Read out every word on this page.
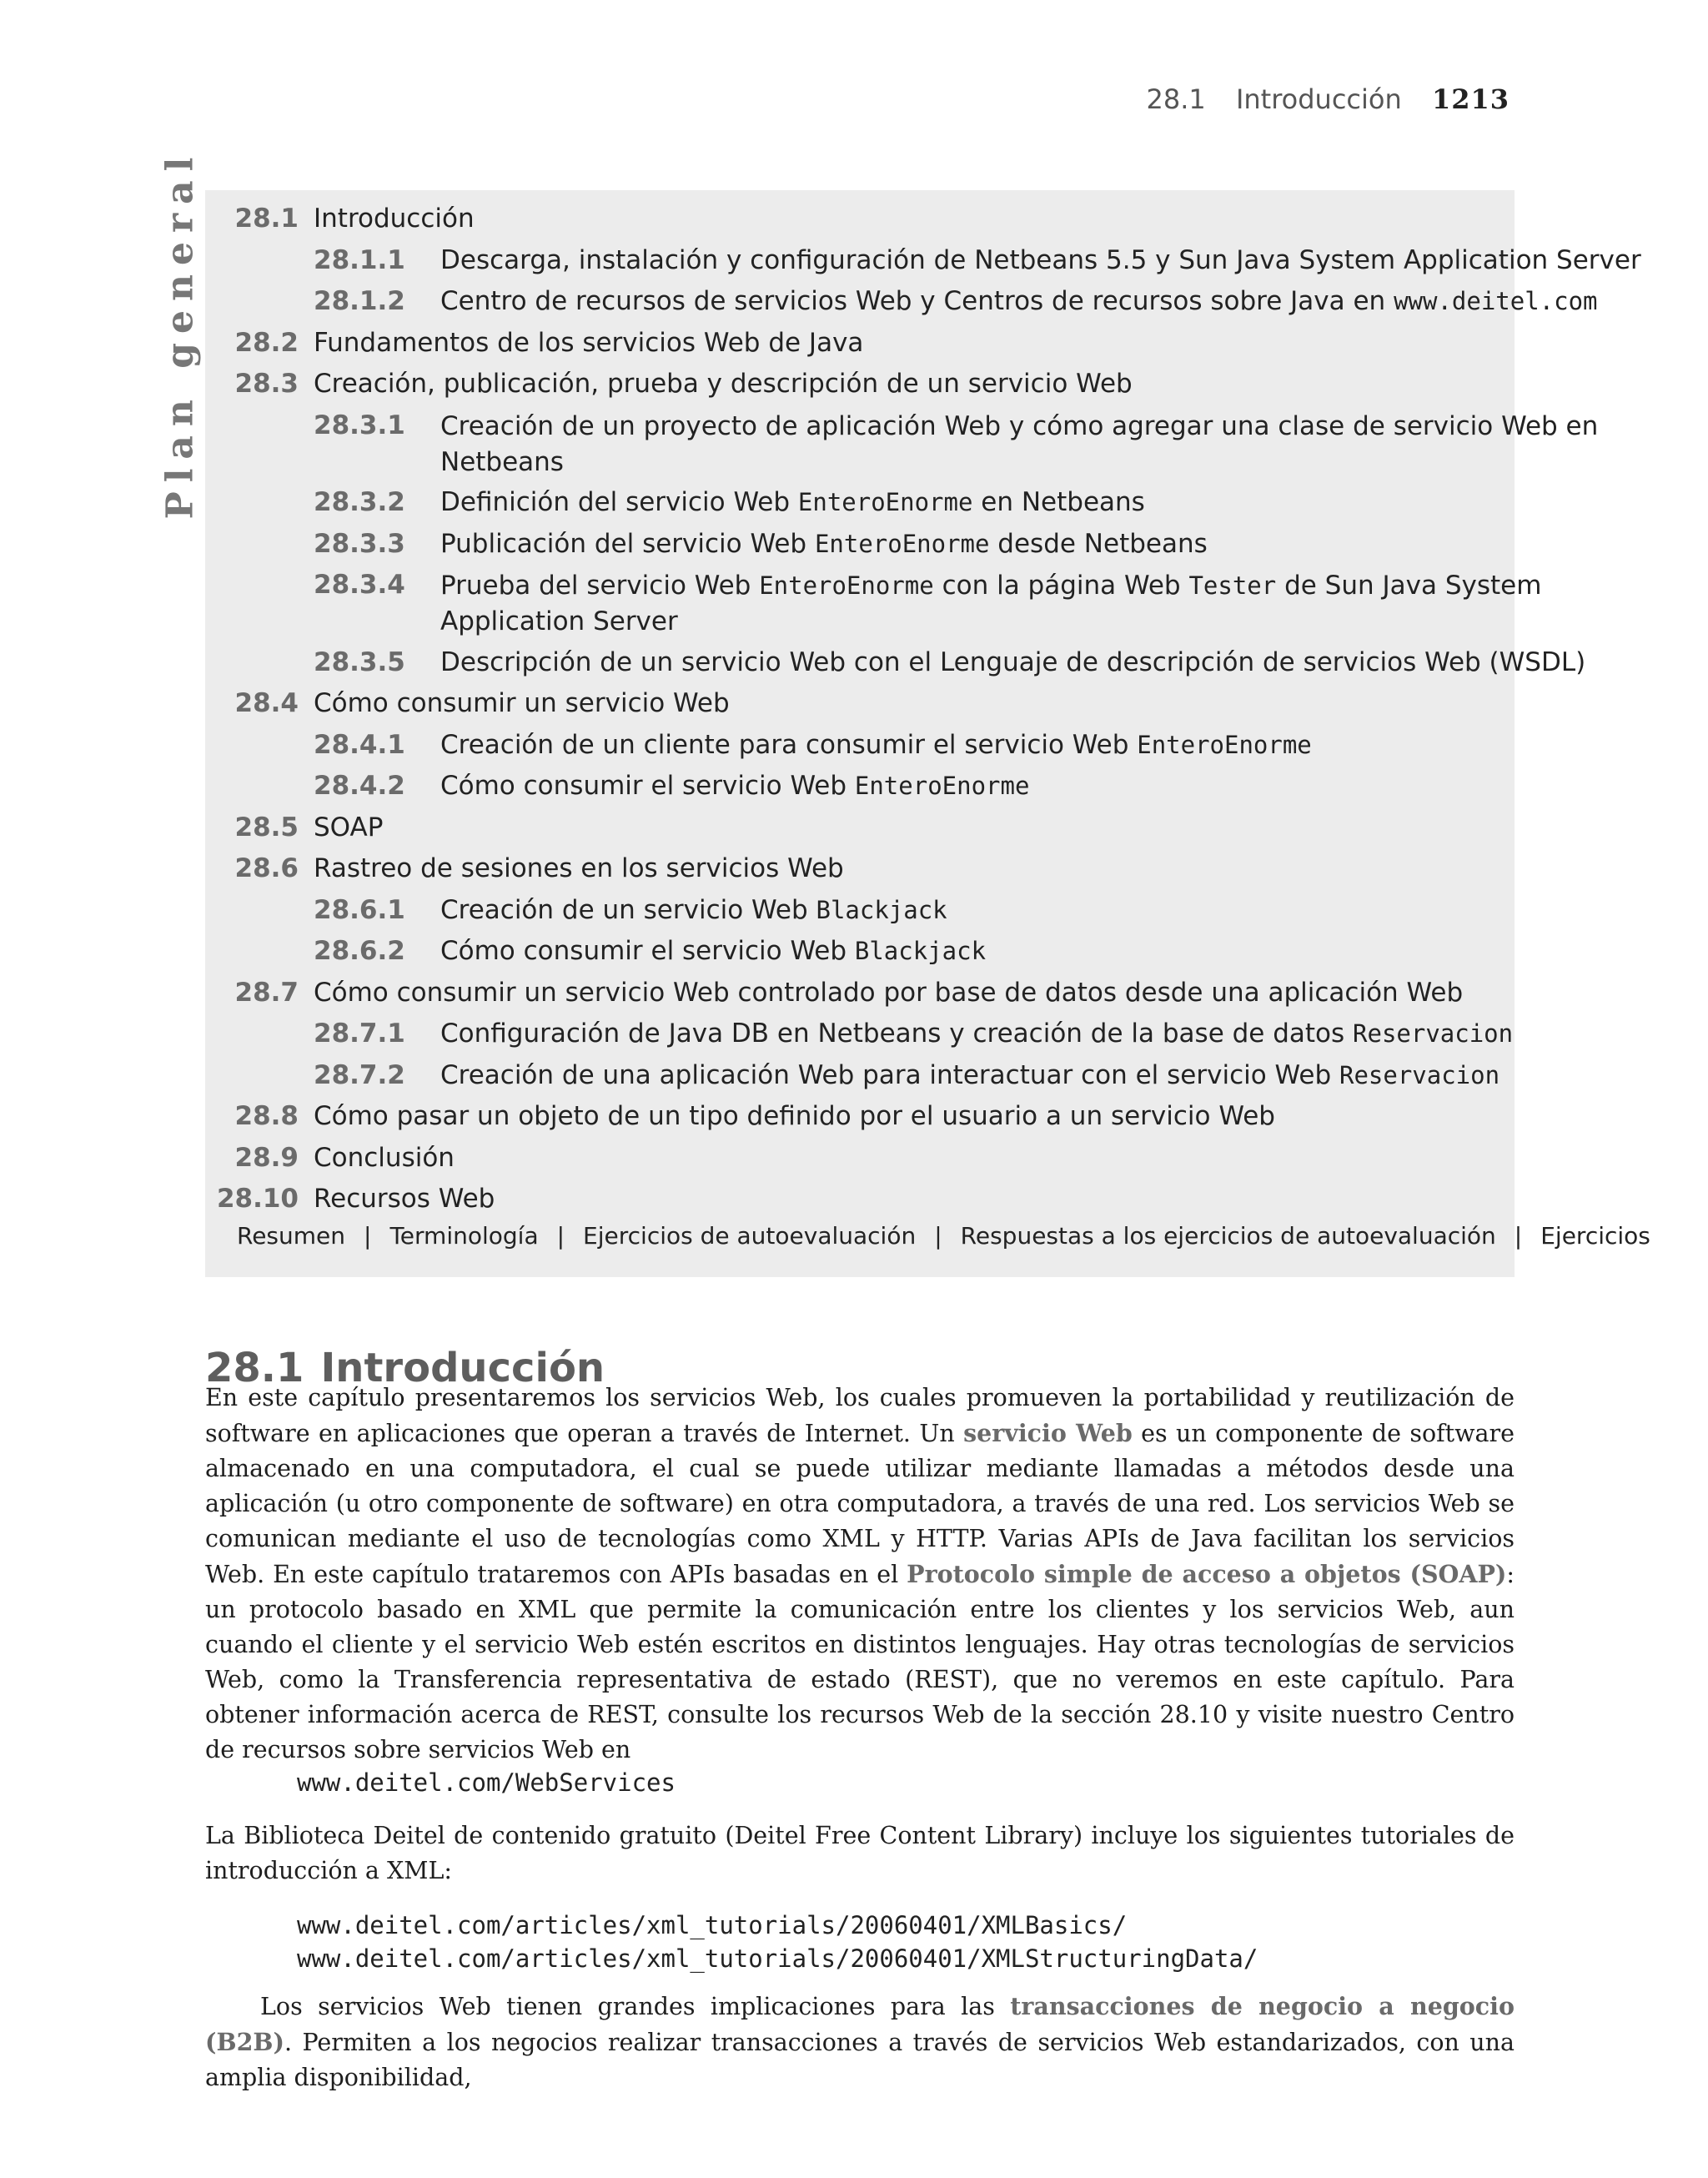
28.1 Introducción 1213
Plan general	28.1 Introducción
28.1.1 Descarga, instalación y configuración de Netbeans 5.5 y Sun Java System Application Server
28.1.2 Centro de recursos de servicios Web y Centros de recursos sobre Java en www.deitel.com
28.2 Fundamentos de los servicios Web de Java
28.3 Creación, publicación, prueba y descripción de un servicio Web
28.3.1 Creación de un proyecto de aplicación Web y cómo agregar una clase de servicio Web en
Netbeans
28.3.2 Definición del servicio Web EnteroEnorme en Netbeans
28.3.3 Publicación del servicio Web EnteroEnorme desde Netbeans
28.3.4 Prueba del servicio Web EnteroEnorme con la página Web Tester de Sun Java System
Application Server
28.3.5 Descripción de un servicio Web con el Lenguaje de descripción de servicios Web (WSDL)
28.4 Cómo consumir un servicio Web
28.4.1 Creación de un cliente para consumir el servicio Web EnteroEnorme
28.4.2 Cómo consumir el servicio Web EnteroEnorme
28.5 SOAP
28.6 Rastreo de sesiones en los servicios Web
28.6.1 Creación de un servicio Web Blackjack
28.6.2 Cómo consumir el servicio Web Blackjack
28.7 Cómo consumir un servicio Web controlado por base de datos desde una aplicación Web
28.7.1 Configuración de Java DB en Netbeans y creación de la base de datos Reservacion
28.7.2 Creación de una aplicación Web para interactuar con el servicio Web Reservacion
28.8 Cómo pasar un objeto de un tipo definido por el usuario a un servicio Web
28.9 Conclusión
28.10 Recursos Web
Resumen | Terminología | Ejercicios de autoevaluación | Respuestas a los ejercicios de autoevaluación | Ejercicios
28.1 Introducción

En este capítulo presentaremos los servicios Web, los cuales promueven la portabilidad y reutilización de software en aplicaciones que operan a través de Internet. Un servicio Web es un componente de software almacenado en una computadora, el cual se puede utilizar mediante llamadas a métodos desde una aplicación (u otro componente de software) en otra computadora, a través de una red. Los servicios Web se comunican mediante el uso de tecnologías como XML y HTTP. Varias APIs de Java facilitan los servicios Web. En este capítulo trataremos con APIs basadas en el Protocolo simple de acceso a objetos (SOAP): un protocolo basado en XML que permite la comunicación entre los clientes y los servicios Web, aun cuando el cliente y el servicio Web estén escritos en distintos lenguajes. Hay otras tecnologías de servicios Web, como la Transferencia representativa de estado (REST), que no veremos en este capítulo. Para obtener información acerca de REST, consulte los recursos Web de la sección 28.10 y visite nuestro Centro de recursos sobre servicios Web en

www.deitel.com/WebServices

La Biblioteca Deitel de contenido gratuito (Deitel Free Content Library) incluye los siguientes tutoriales de introducción a XML:

www.deitel.com/articles/xml_tutorials/20060401/XMLBasics/
www.deitel.com/articles/xml_tutorials/20060401/XMLStructuringData/

Los servicios Web tienen grandes implicaciones para las transacciones de negocio a negocio (B2B). Permiten a los negocios realizar transacciones a través de servicios Web estandarizados, con una amplia disponibilidad,
